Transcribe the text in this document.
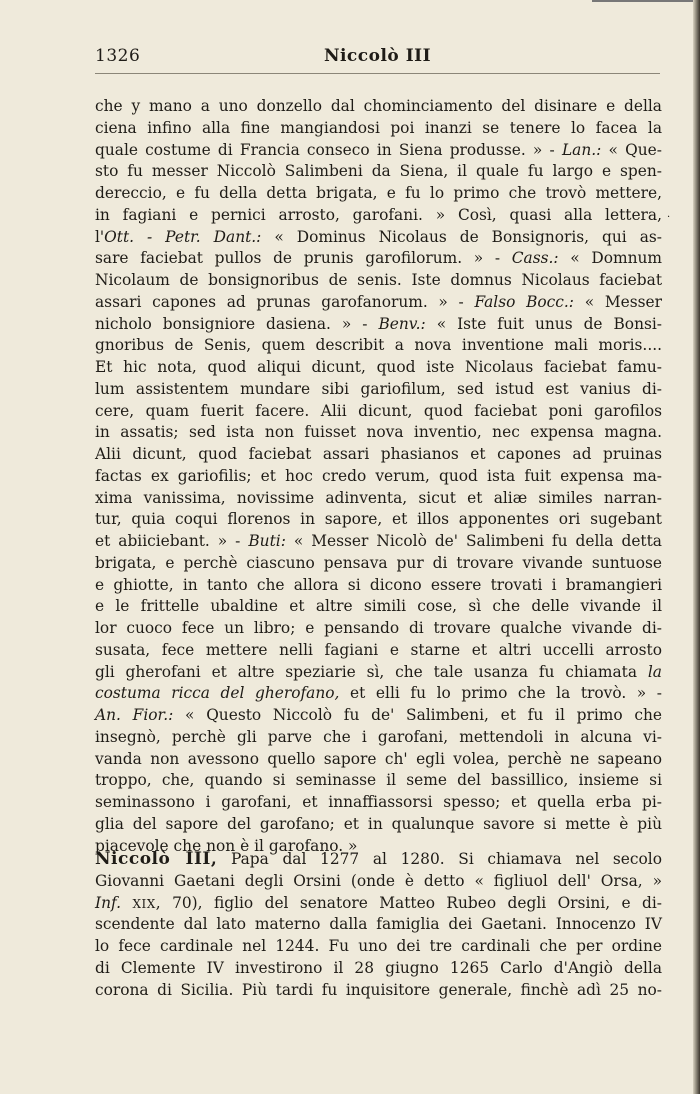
1326	Niccolò III
·
che y mano a uno donzello dal chominciamento del disinare e della
ciena infino alla fine mangiandosi poi inanzi se tenere lo facea la
quale costume di Francia conseco in Siena produsse. » - Lan.: « Que-
sto fu messer Niccolò Salimbeni da Siena, il quale fu largo e spen-
dereccio, e fu della detta brigata, e fu lo primo che trovò mettere,
in fagiani e pernici arrosto, garofani. » Così, quasi alla lettera,
l'Ott. - Petr. Dant.: « Dominus Nicolaus de Bonsignoris, qui as-
sare faciebat pullos de prunis garofilorum. » - Cass.: « Domnum
Nicolaum de bonsignoribus de senis. Iste domnus Nicolaus faciebat
assari capones ad prunas garofanorum. » - Falso Bocc.: « Messer
nicholo bonsigniore dasiena. » - Benv.: « Iste fuit unus de Bonsi-
gnoribus de Senis, quem describit a nova inventione mali moris....
Et hic nota, quod aliqui dicunt, quod iste Nicolaus faciebat famu-
lum assistentem mundare sibi gariofilum, sed istud est vanius di-
cere, quam fuerit facere. Alii dicunt, quod faciebat poni garofilos
in assatis; sed ista non fuisset nova inventio, nec expensa magna.
Alii dicunt, quod faciebat assari phasianos et capones ad pruinas
factas ex gariofilis; et hoc credo verum, quod ista fuit expensa ma-
xima vanissima, novissime adinventa, sicut et aliæ similes narran-
tur, quia coqui florenos in sapore, et illos apponentes ori sugebant
et abiiciebant. » - Buti: « Messer Nicolò de' Salimbeni fu della detta
brigata, e perchè ciascuno pensava pur di trovare vivande suntuose
e ghiotte, in tanto che allora si dicono essere trovati i bramangieri
e le frittelle ubaldine et altre simili cose, sì che delle vivande il
lor cuoco fece un libro; e pensando di trovare qualche vivande di-
susata, fece mettere nelli fagiani e starne et altri uccelli arrosto
gli gherofani et altre speziarie sì, che tale usanza fu chiamata la
costuma ricca del gherofano, et elli fu lo primo che la trovò. » -
An. Fior.: « Questo Niccolò fu de' Salimbeni, et fu il primo che
insegnò, perchè gli parve che i garofani, mettendoli in alcuna vi-
vanda non avessono quello sapore ch' egli volea, perchè ne sapeano
troppo, che, quando si seminasse il seme del bassillico, insieme si
seminassono i garofani, et innaffiassorsi spesso; et quella erba pi-
glia del sapore del garofano; et in qualunque savore si mette è più
piacevole che non è il garofano. »
Niccolò III, Papa dal 1277 al 1280. Si chiamava nel secolo
Giovanni Gaetani degli Orsini (onde è detto « figliuol dell' Orsa, »
Inf. XIX, 70), figlio del senatore Matteo Rubeo degli Orsini, e di-
scendente dal lato materno dalla famiglia dei Gaetani. Innocenzo IV
lo fece cardinale nel 1244. Fu uno dei tre cardinali che per ordine
di Clemente IV investirono il 28 giugno 1265 Carlo d'Angiò della
corona di Sicilia. Più tardi fu inquisitore generale, finchè adì 25 no-
